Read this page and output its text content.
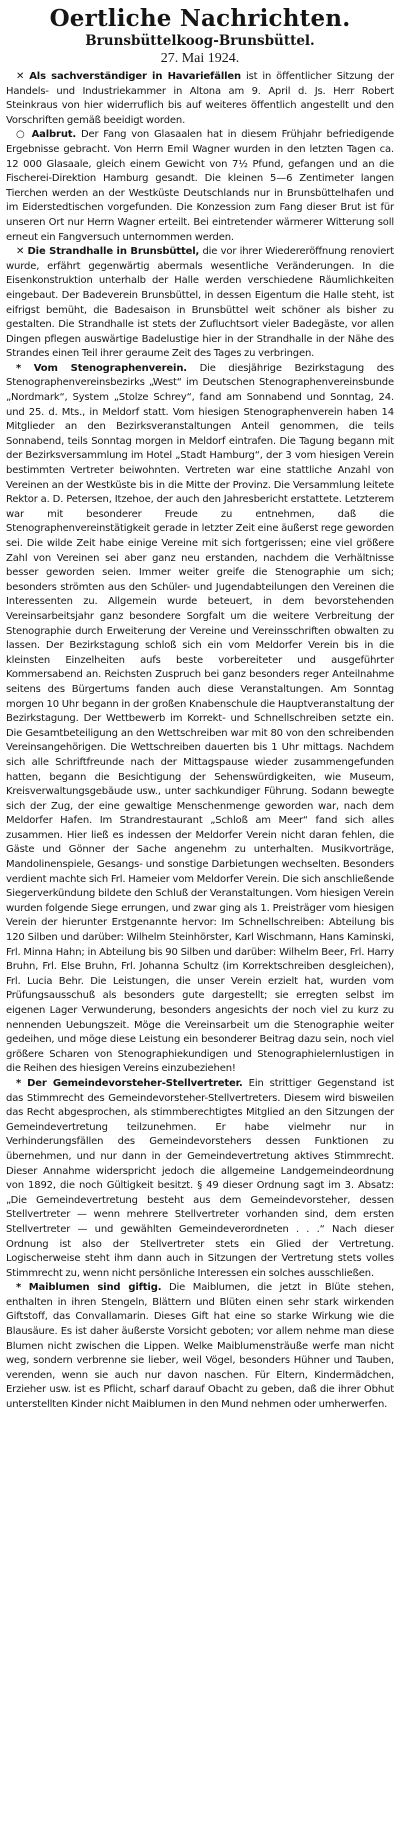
Oertliche Nachrichten.
Brunsbüttelkoog-Brunsbüttel.
27. Mai 1924.

✕ Als sachverständiger in Havariefällen ist in öffentlicher Sitzung der Handels- und Industriekammer in Altona am 9. April d. Js. Herr Robert Steinkraus von hier widerruflich bis auf weiteres öffentlich angestellt und den Vorschriften gemäß beeidigt worden.

○ Aalbrut. Der Fang von Glasaalen hat in diesem Frühjahr befriedigende Ergebnisse gebracht. Von Herrn Emil Wagner wurden in den letzten Tagen ca. 12 000 Glasaale, gleich einem Gewicht von 7½ Pfund, gefangen und an die Fischerei-Direktion Hamburg gesandt. Die kleinen 5—6 Zentimeter langen Tierchen werden an der Westküste Deutschlands nur in Brunsbüttelhafen und im Eiderstedtischen vorgefunden. Die Konzession zum Fang dieser Brut ist für unseren Ort nur Herrn Wagner erteilt. Bei eintretender wärmerer Witterung soll erneut ein Fangversuch unternommen werden.

✕ Die Strandhalle in Brunsbüttel, die vor ihrer Wiedereröffnung renoviert wurde, erfährt gegenwärtig abermals wesentliche Veränderungen. In die Eisenkonstruktion unterhalb der Halle werden verschiedene Räumlichkeiten eingebaut. Der Badeverein Brunsbüttel, in dessen Eigentum die Halle steht, ist eifrigst bemüht, die Badesaison in Brunsbüttel weit schöner als bisher zu gestalten. Die Strandhalle ist stets der Zufluchtsort vieler Badegäste, vor allen Dingen pflegen auswärtige Badelustige hier in der Strandhalle in der Nähe des Strandes einen Teil ihrer geraume Zeit des Tages zu verbringen.

* Vom Stenographenverein. Die diesjährige Bezirkstagung des Stenographenvereinsbezirks „West“ im Deutschen Stenographenvereinsbunde „Nordmark“, System „Stolze Schrey“, fand am Sonnabend und Sonntag, 24. und 25. d. Mts., in Meldorf statt. Vom hiesigen Stenographenverein haben 14 Mitglieder an den Bezirksveranstaltungen Anteil genommen, die teils Sonnabend, teils Sonntag morgen in Meldorf eintrafen. Die Tagung begann mit der Bezirksversammlung im Hotel „Stadt Hamburg“, der 3 vom hiesigen Verein bestimmten Vertreter beiwohnten. Vertreten war eine stattliche Anzahl von Vereinen an der Westküste bis in die Mitte der Provinz. Die Versammlung leitete Rektor a. D. Petersen, Itzehoe, der auch den Jahresbericht erstattete. Letzterem war mit besonderer Freude zu entnehmen, daß die Stenographenvereinstätigkeit gerade in letzter Zeit eine äußerst rege geworden sei. Die wilde Zeit habe einige Vereine mit sich fortgerissen; eine viel größere Zahl von Vereinen sei aber ganz neu erstanden, nachdem die Verhältnisse besser geworden seien. Immer weiter greife die Stenographie um sich; besonders strömten aus den Schüler- und Jugendabteilungen den Vereinen die Interessenten zu. Allgemein wurde beteuert, in dem bevorstehenden Vereinsarbeitsjahr ganz besondere Sorgfalt um die weitere Verbreitung der Stenographie durch Erweiterung der Vereine und Vereinsschriften obwalten zu lassen. Der Bezirkstagung schloß sich ein vom Meldorfer Verein bis in die kleinsten Einzelheiten aufs beste vorbereiteter und ausgeführter Kommersabend an. Reichsten Zuspruch bei ganz besonders reger Anteilnahme seitens des Bürgertums fanden auch diese Veranstaltungen. Am Sonntag morgen 10 Uhr begann in der großen Knabenschule die Hauptveranstaltung der Bezirkstagung. Der Wettbewerb im Korrekt- und Schnellschreiben setzte ein. Die Gesamtbeteiligung an den Wettschreiben war mit 80 von den schreibenden Vereinsangehörigen. Die Wettschreiben dauerten bis 1 Uhr mittags. Nachdem sich alle Schriftfreunde nach der Mittagspause wieder zusammengefunden hatten, begann die Besichtigung der Sehenswürdigkeiten, wie Museum, Kreisverwaltungsgebäude usw., unter sachkundiger Führung. Sodann bewegte sich der Zug, der eine gewaltige Menschenmenge geworden war, nach dem Meldorfer Hafen. Im Strandrestaurant „Schloß am Meer“ fand sich alles zusammen. Hier ließ es indessen der Meldorfer Verein nicht daran fehlen, die Gäste und Gönner der Sache angenehm zu unterhalten. Musikvorträge, Mandolinenspiele, Gesangs- und sonstige Darbietungen wechselten. Besonders verdient machte sich Frl. Hameier vom Meldorfer Verein. Die sich anschließende Siegerverkündung bildete den Schluß der Veranstaltungen. Vom hiesigen Verein wurden folgende Siege errungen, und zwar ging als 1. Preisträger vom hiesigen Verein der hierunter Erstgenannte hervor: Im Schnellschreiben: Abteilung bis 120 Silben und darüber: Wilhelm Steinhörster, Karl Wischmann, Hans Kaminski, Frl. Minna Hahn; in Abteilung bis 90 Silben und darüber: Wilhelm Beer, Frl. Harry Bruhn, Frl. Else Bruhn, Frl. Johanna Schultz (im Korrektschreiben desgleichen), Frl. Lucia Behr. Die Leistungen, die unser Verein erzielt hat, wurden vom Prüfungsausschuß als besonders gute dargestellt; sie erregten selbst im eigenen Lager Verwunderung, besonders angesichts der noch viel zu kurz zu nennenden Uebungszeit. Möge die Vereinsarbeit um die Stenographie weiter gedeihen, und möge diese Leistung ein besonderer Beitrag dazu sein, noch viel größere Scharen von Stenographiekundigen und Stenographielernlustigen in die Reihen des hiesigen Vereins einzubeziehen!

* Der Gemeindevorsteher-Stellvertreter. Ein strittiger Gegenstand ist das Stimmrecht des Gemeindevorsteher-Stellvertreters. Diesem wird bisweilen das Recht abgesprochen, als stimmberechtigtes Mitglied an den Sitzungen der Gemeindevertretung teilzunehmen. Er habe vielmehr nur in Verhinderungsfällen des Gemeindevorstehers dessen Funktionen zu übernehmen, und nur dann in der Gemeindevertretung aktives Stimmrecht. Dieser Annahme widerspricht jedoch die allgemeine Landgemeindeordnung von 1892, die noch Gültigkeit besitzt. § 49 dieser Ordnung sagt im 3. Absatz: „Die Gemeindevertretung besteht aus dem Gemeindevorsteher, dessen Stellvertreter — wenn mehrere Stellvertreter vorhanden sind, dem ersten Stellvertreter — und gewählten Gemeindeverordneten . . .“ Nach dieser Ordnung ist also der Stellvertreter stets ein Glied der Vertretung. Logischerweise steht ihm dann auch in Sitzungen der Vertretung stets volles Stimmrecht zu, wenn nicht persönliche Interessen ein solches ausschließen.

* Maiblumen sind giftig. Die Maiblumen, die jetzt in Blüte stehen, enthalten in ihren Stengeln, Blättern und Blüten einen sehr stark wirkenden Giftstoff, das Convallamarin. Dieses Gift hat eine so starke Wirkung wie die Blausäure. Es ist daher äußerste Vorsicht geboten; vor allem nehme man diese Blumen nicht zwischen die Lippen. Welke Maiblumensträuße werfe man nicht weg, sondern verbrenne sie lieber, weil Vögel, besonders Hühner und Tauben, verenden, wenn sie auch nur davon naschen. Für Eltern, Kindermädchen, Erzieher usw. ist es Pflicht, scharf darauf Obacht zu geben, daß die ihrer Obhut unterstellten Kinder nicht Maiblumen in den Mund nehmen oder umherwerfen.
